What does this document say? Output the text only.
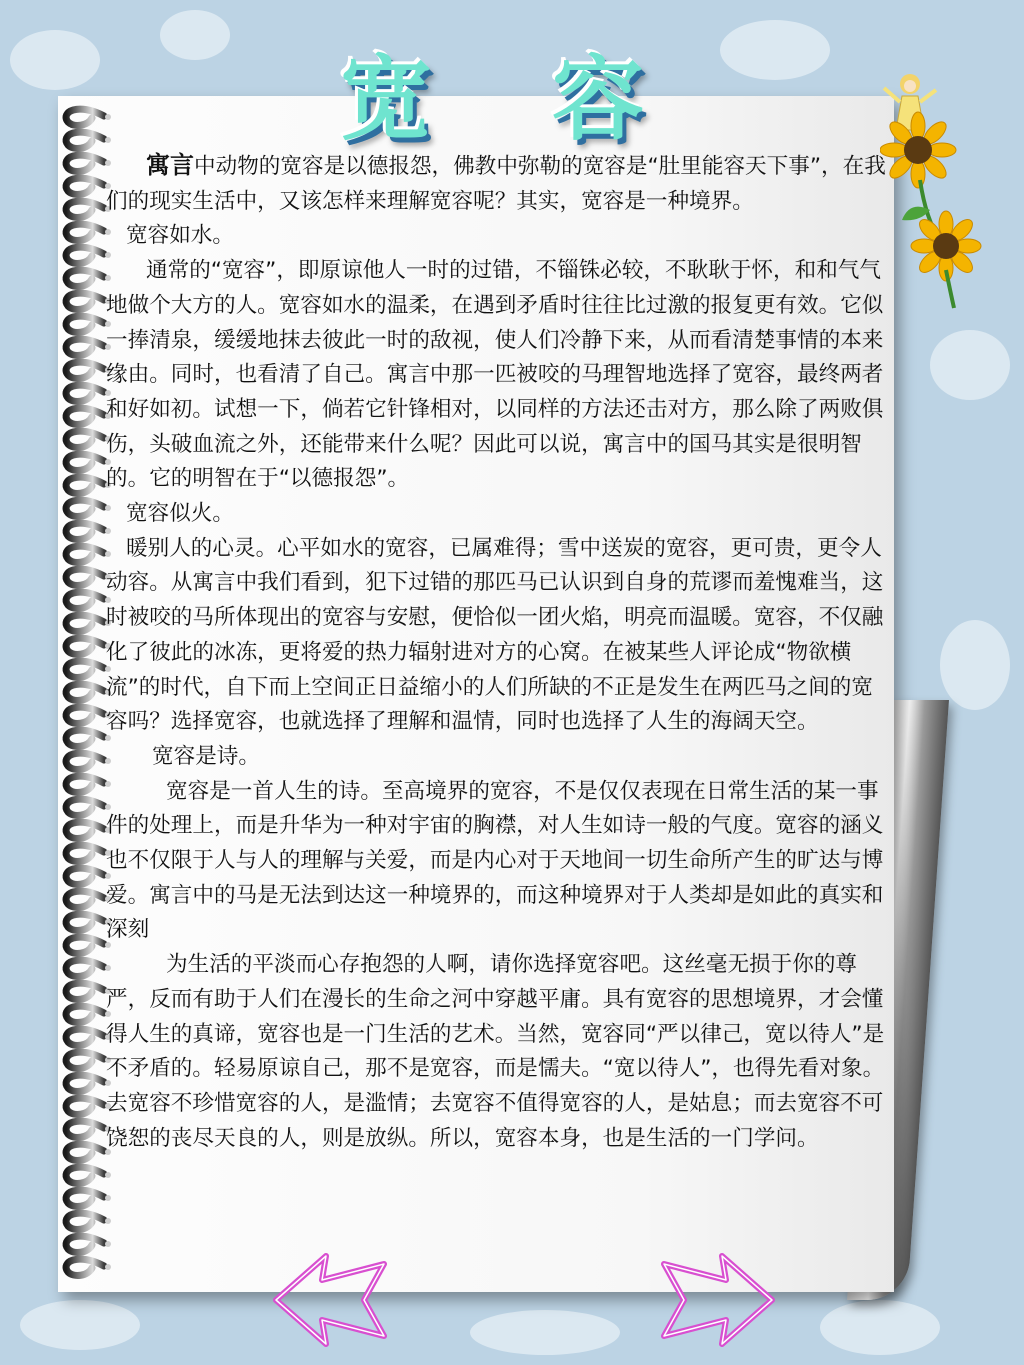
宽 容

寓言中动物的宽容是以德报怨，佛教中弥勒的宽容是“肚里能容天下事”，在我们的现实生活中，又该怎样来理解宽容呢？其实，宽容是一种境界。

宽容如水。

通常的“宽容”，即原谅他人一时的过错，不锱铢必较，不耿耿于怀，和和气气地做个大方的人。宽容如水的温柔，在遇到矛盾时往往比过激的报复更有效。它似一捧清泉，缓缓地抹去彼此一时的敌视，使人们冷静下来，从而看清楚事情的本来缘由。同时，也看清了自己。寓言中那一匹被咬的马理智地选择了宽容，最终两者和好如初。试想一下，倘若它针锋相对，以同样的方法还击对方，那么除了两败俱伤，头破血流之外，还能带来什么呢？因此可以说，寓言中的国马其实是很明智的。它的明智在于“以德报怨”。

宽容似火。

暖别人的心灵。心平如水的宽容，已属难得；雪中送炭的宽容，更可贵，更令人动容。从寓言中我们看到，犯下过错的那匹马已认识到自身的荒谬而羞愧难当，这时被咬的马所体现出的宽容与安慰，便恰似一团火焰，明亮而温暖。宽容，不仅融化了彼此的冰冻，更将爱的热力辐射进对方的心窝。在被某些人评论成“物欲横流”的时代，自下而上空间正日益缩小的人们所缺的不正是发生在两匹马之间的宽容吗？选择宽容，也就选择了理解和温情，同时也选择了人生的海阔天空。

宽容是诗。

宽容是一首人生的诗。至高境界的宽容，不是仅仅表现在日常生活的某一事件的处理上，而是升华为一种对宇宙的胸襟，对人生如诗一般的气度。宽容的涵义也不仅限于人与人的理解与关爱，而是内心对于天地间一切生命所产生的旷达与博爱。寓言中的马是无法到达这一种境界的，而这种境界对于人类却是如此的真实和深刻

为生活的平淡而心存抱怨的人啊，请你选择宽容吧。这丝毫无损于你的尊严，反而有助于人们在漫长的生命之河中穿越平庸。具有宽容的思想境界，才会懂得人生的真谛，宽容也是一门生活的艺术。当然，宽容同“严以律己，宽以待人”是不矛盾的。轻易原谅自己，那不是宽容，而是懦夫。“宽以待人”，也得先看对象。去宽容不珍惜宽容的人，是滥情；去宽容不值得宽容的人，是姑息；而去宽容不可饶恕的丧尽天良的人，则是放纵。所以，宽容本身，也是生活的一门学问。
